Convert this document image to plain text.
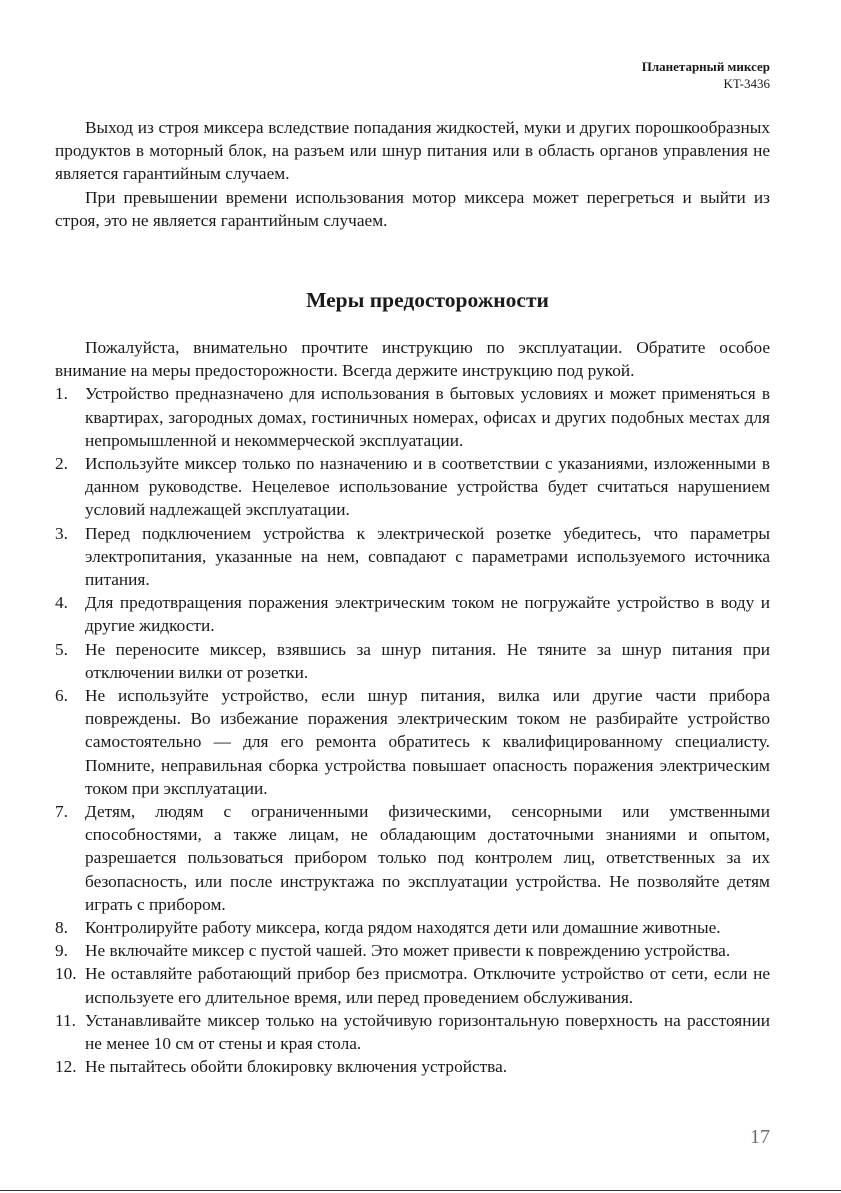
Планетарный миксер
KT-3436

Выход из строя миксера вследствие попадания жидкостей, муки и других порошкообразных продуктов в моторный блок, на разъем или шнур питания или в область органов управления не является гарантийным случаем.

При превышении времени использования мотор миксера может перегреться и выйти из строя, это не является гарантийным случаем.

Меры предосторожности

Пожалуйста, внимательно прочтите инструкцию по эксплуатации. Обратите особое внимание на меры предосторожности. Всегда держите инструкцию под рукой.

1. Устройство предназначено для использования в бытовых условиях и может применяться в квартирах, загородных домах, гостиничных номерах, офисах и других подобных местах для непромышленной и некоммерческой эксплуатации.
2. Используйте миксер только по назначению и в соответствии с указаниями, изложенными в данном руководстве. Нецелевое использование устройства будет считаться нарушением условий надлежащей эксплуатации.
3. Перед подключением устройства к электрической розетке убедитесь, что параметры электропитания, указанные на нем, совпадают с параметрами используемого источника питания.
4. Для предотвращения поражения электрическим током не погружайте устройство в воду и другие жидкости.
5. Не переносите миксер, взявшись за шнур питания. Не тяните за шнур питания при отключении вилки от розетки.
6. Не используйте устройство, если шнур питания, вилка или другие части прибора повреждены. Во избежание поражения электрическим током не разбирайте устройство самостоятельно — для его ремонта обратитесь к квалифицированному специалисту. Помните, неправильная сборка устройства повышает опасность поражения электрическим током при эксплуатации.
7. Детям, людям с ограниченными физическими, сенсорными или умственными способностями, а также лицам, не обладающим достаточными знаниями и опытом, разрешается пользоваться прибором только под контролем лиц, ответственных за их безопасность, или после инструктажа по эксплуатации устройства. Не позволяйте детям играть с прибором.
8. Контролируйте работу миксера, когда рядом находятся дети или домашние животные.
9. Не включайте миксер с пустой чашей. Это может привести к повреждению устройства.
10. Не оставляйте работающий прибор без присмотра. Отключите устройство от сети, если не используете его длительное время, или перед проведением обслуживания.
11. Устанавливайте миксер только на устойчивую горизонтальную поверхность на расстоянии не менее 10 см от стены и края стола.
12. Не пытайтесь обойти блокировку включения устройства.
17
